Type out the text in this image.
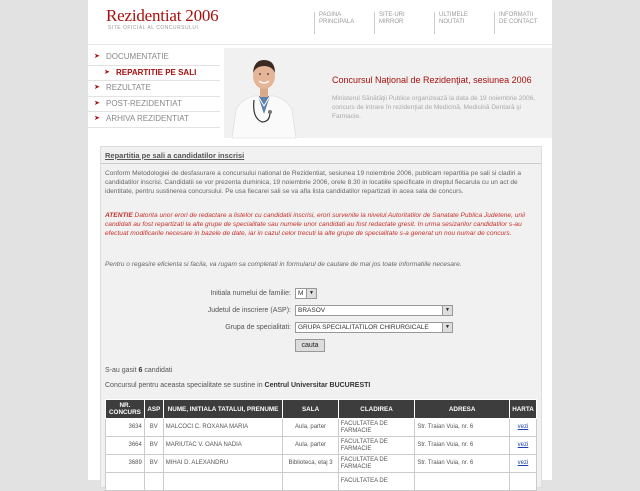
Rezidentiat 2006
SITE OFICIAL AL CONCURSULUI
PAGINA
PRINCIPALA
SITE-URI
MIRROR
ULTIMELE
NOUTATI
INFORMATII
DE CONTACT
➤ DOCUMENTATIE
➤ REPARTITIE PE SALI
➤ REZULTATE
➤ POST-REZIDENTIAT
➤ ARHIVA REZIDENTIAT
Concursul Naţional de Rezidenţiat, sesiunea 2006
Ministerul Sănătăţii Publice organizează la data de 19 noiembrie 2006, concurs de intrare în rezidenţiat de Medicină, Medicină Dentară şi Farmacie.
Repartitia pe sali a candidatilor inscrisi
Conform Metodologiei de desfasurare a concursului national de Rezidentiat, sesiunea 19 noiembrie 2006, publicam repartitia pe sali si cladiri a candidatilor inscrisi. Candidatii se vor prezenta duminica, 19 noiembrie 2006, orele 8.30 in locatiile specificate in dreptul fiecarula cu un act de identitate, pentru sustinerea concursului. Pe usa fiecarei sali se va afla lista candidatilor repartizati in acea sala de concurs.
ATENTIE Datorita unor erori de redactare a listelor cu candidatii inscrisi, erori survenite la nivelul Autoritatilor de Sanatate Publica Judetene, unii candidati au fost repartizati la alte grupe de specialitate sau numele unor candidati au fost redactate gresit. In urma sesizarilor candidatilor s-au efectuat modificarile necesare in bazele de date, iar in cazul celor trecuti la alte grupe de specialitate s-a generat un nou numar de concurs.
Pentru o regasire eficienta si facila, va rugam sa completati in formularul de cautare de mai jos toate informatiile necesare.
Initiala numelui de familie:	M	▼
Judetul de inscriere (ASP):	BRASOV	▼
Grupa de specialitati:	GRUPA SPECIALITATILOR CHIRURGICALE	▼
cauta
S-au gasit 6 candidati
Concursul pentru aceasta specialitate se sustine in Centrul Universitar BUCURESTI
NR. CONCURS	ASP	NUME, INITIALA TATALUI, PRENUME	SALA	CLADIREA	ADRESA	HARTA
3634	BV	MALCOCI C. ROXANA MARIA	Aula, parter	FACULTATEA DE FARMACIE	Str. Traian Vuia, nr. 6	vezi
3664	BV	MARIUTAC V. OANA NADIA	Aula, parter	FACULTATEA DE FARMACIE	Str. Traian Vuia, nr. 6	vezi
3689	BV	MIHAI D. ALEXANDRU	Biblioteca, etaj 3	FACULTATEA DE FARMACIE	Str. Traian Vuia, nr. 6	vezi
				FACULTATEA DE		
